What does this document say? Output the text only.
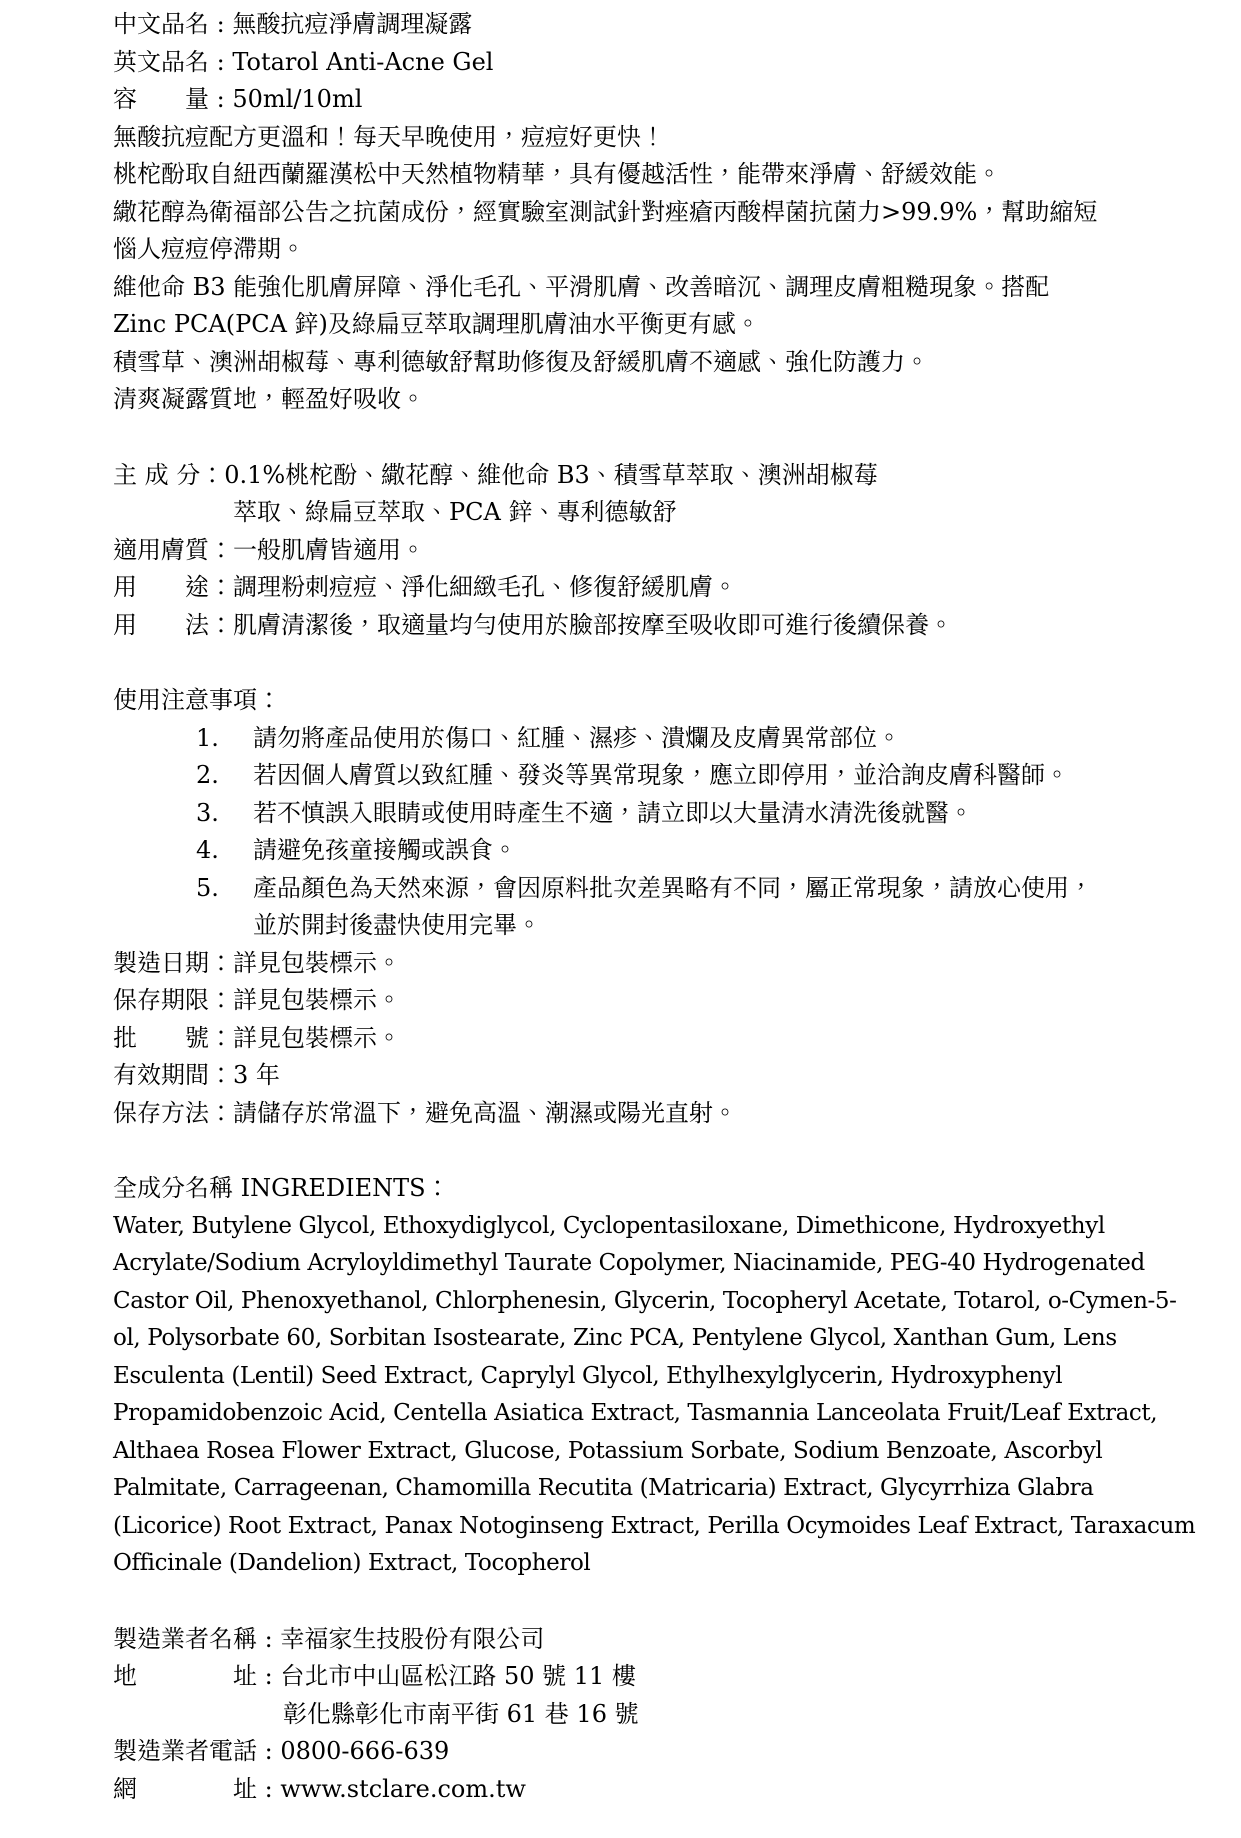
中文品名 : 無酸抗痘淨膚調理凝露
英文品名 : Totarol Anti-Acne Gel
容　　量 : 50ml/10ml

無酸抗痘配方更溫和！每天早晚使用，痘痘好更快！

桃柁酚取自紐西蘭羅漢松中天然植物精華，具有優越活性，能帶來淨膚、舒緩效能。

繖花醇為衛福部公告之抗菌成份，經實驗室測試針對痤瘡丙酸桿菌抗菌力>99.9%，幫助縮短

惱人痘痘停滯期。

維他命 B3 能強化肌膚屏障、淨化毛孔、平滑肌膚、改善暗沉、調理皮膚粗糙現象。搭配

Zinc PCA(PCA 鋅)及綠扁豆萃取調理肌膚油水平衡更有感。

積雪草、澳洲胡椒莓、專利德敏舒幫助修復及舒緩肌膚不適感、強化防護力。

清爽凝露質地，輕盈好吸收。

主 成 分：0.1%桃柁酚、繖花醇、維他命 B3、積雪草萃取、澳洲胡椒莓
萃取、綠扁豆萃取、PCA 鋅、專利德敏舒
適用膚質：一般肌膚皆適用。
用　　途：調理粉刺痘痘、淨化細緻毛孔、修復舒緩肌膚。
用　　法：肌膚清潔後，取適量均勻使用於臉部按摩至吸收即可進行後續保養。
使用注意事項：
1.	請勿將產品使用於傷口、紅腫、濕疹、潰爛及皮膚異常部位。
2.	若因個人膚質以致紅腫、發炎等異常現象，應立即停用，並洽詢皮膚科醫師。
3.	若不慎誤入眼睛或使用時產生不適，請立即以大量清水清洗後就醫。
4.	請避免孩童接觸或誤食。
5.	產品顏色為天然來源，會因原料批次差異略有不同，屬正常現象，請放心使用，
並於開封後盡快使用完畢。
製造日期：詳見包裝標示。
保存期限：詳見包裝標示。
批　　號：詳見包裝標示。
有效期間：3 年
保存方法：請儲存於常溫下，避免高溫、潮濕或陽光直射。
全成分名稱 INGREDIENTS：
Water, Butylene Glycol, Ethoxydiglycol, Cyclopentasiloxane, Dimethicone, Hydroxyethyl
Acrylate/Sodium Acryloyldimethyl Taurate Copolymer, Niacinamide, PEG-40 Hydrogenated
Castor Oil, Phenoxyethanol, Chlorphenesin, Glycerin, Tocopheryl Acetate, Totarol, o-Cymen-5-
ol, Polysorbate 60, Sorbitan Isostearate, Zinc PCA, Pentylene Glycol, Xanthan Gum, Lens
Esculenta (Lentil) Seed Extract, Caprylyl Glycol, Ethylhexylglycerin, Hydroxyphenyl
Propamidobenzoic Acid, Centella Asiatica Extract, Tasmannia Lanceolata Fruit/Leaf Extract,
Althaea Rosea Flower Extract, Glucose, Potassium Sorbate, Sodium Benzoate, Ascorbyl
Palmitate, Carrageenan, Chamomilla Recutita (Matricaria) Extract, Glycyrrhiza Glabra
(Licorice) Root Extract, Panax Notoginseng Extract, Perilla Ocymoides Leaf Extract, Taraxacum
Officinale (Dandelion) Extract, Tocopherol
製造業者名稱 : 幸福家生技股份有限公司
地　　　　址 : 台北市中山區松江路 50 號 11 樓
彰化縣彰化市南平街 61 巷 16 號
製造業者電話 : 0800-666-639
網　　　　址 : www.stclare.com.tw
